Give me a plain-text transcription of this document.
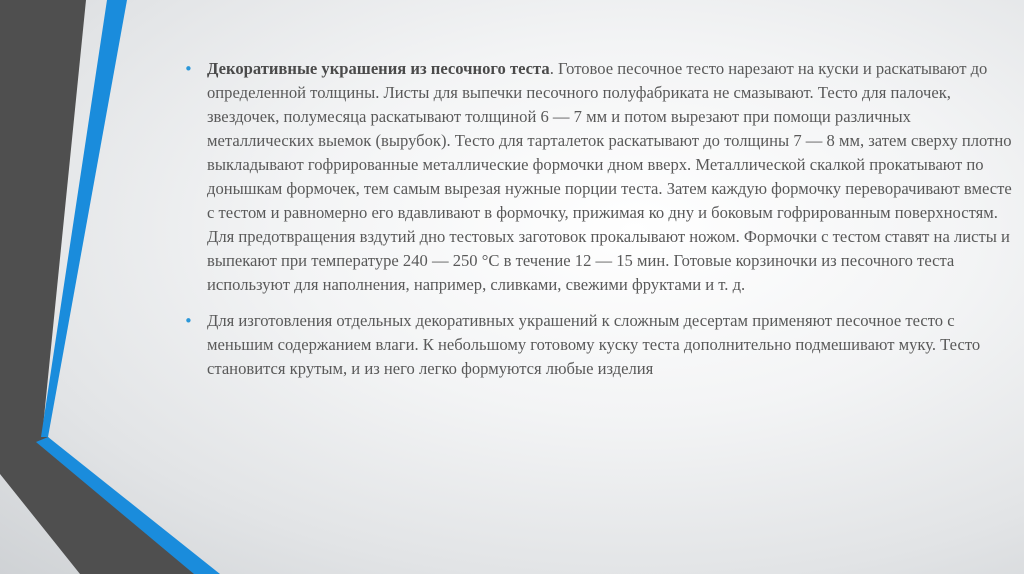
• Декоративные украшения из песочного теста. Готовое песочное тесто нарезают на куски и раскатывают до определенной толщины. Листы для выпечки песочного полуфабриката не смазывают. Тесто для палочек, звездочек, полумесяца раскатывают толщиной 6 — 7 мм и потом вырезают при помощи различных металлических выемок (вырубок). Тесто для тарталеток раскатывают до толщины 7 — 8 мм, затем сверху плотно выкладывают гофрированные металлические формочки дном вверх. Металлической скалкой прокатывают по донышкам формочек, тем самым вырезая нужные порции теста. Затем каждую формочку переворачивают вместе с тестом и равномерно его вдавливают в формочку, прижимая ко дну и боковым гофрированным поверхностям. Для предотвращения вздутий дно тестовых заготовок прокалывают ножом. Формочки с тестом ставят на листы и выпекают при температуре 240 — 250 °С в течение 12 — 15 мин. Готовые корзиночки из песочного теста используют для наполнения, например, сливками, свежими фруктами и т. д.

• Для изготовления отдельных декоративных украшений к сложным десертам применяют песочное тесто с меньшим содержанием влаги. К небольшому готовому куску теста дополнительно подмешивают муку. Тесто становится крутым, и из него легко формуются любые изделия
